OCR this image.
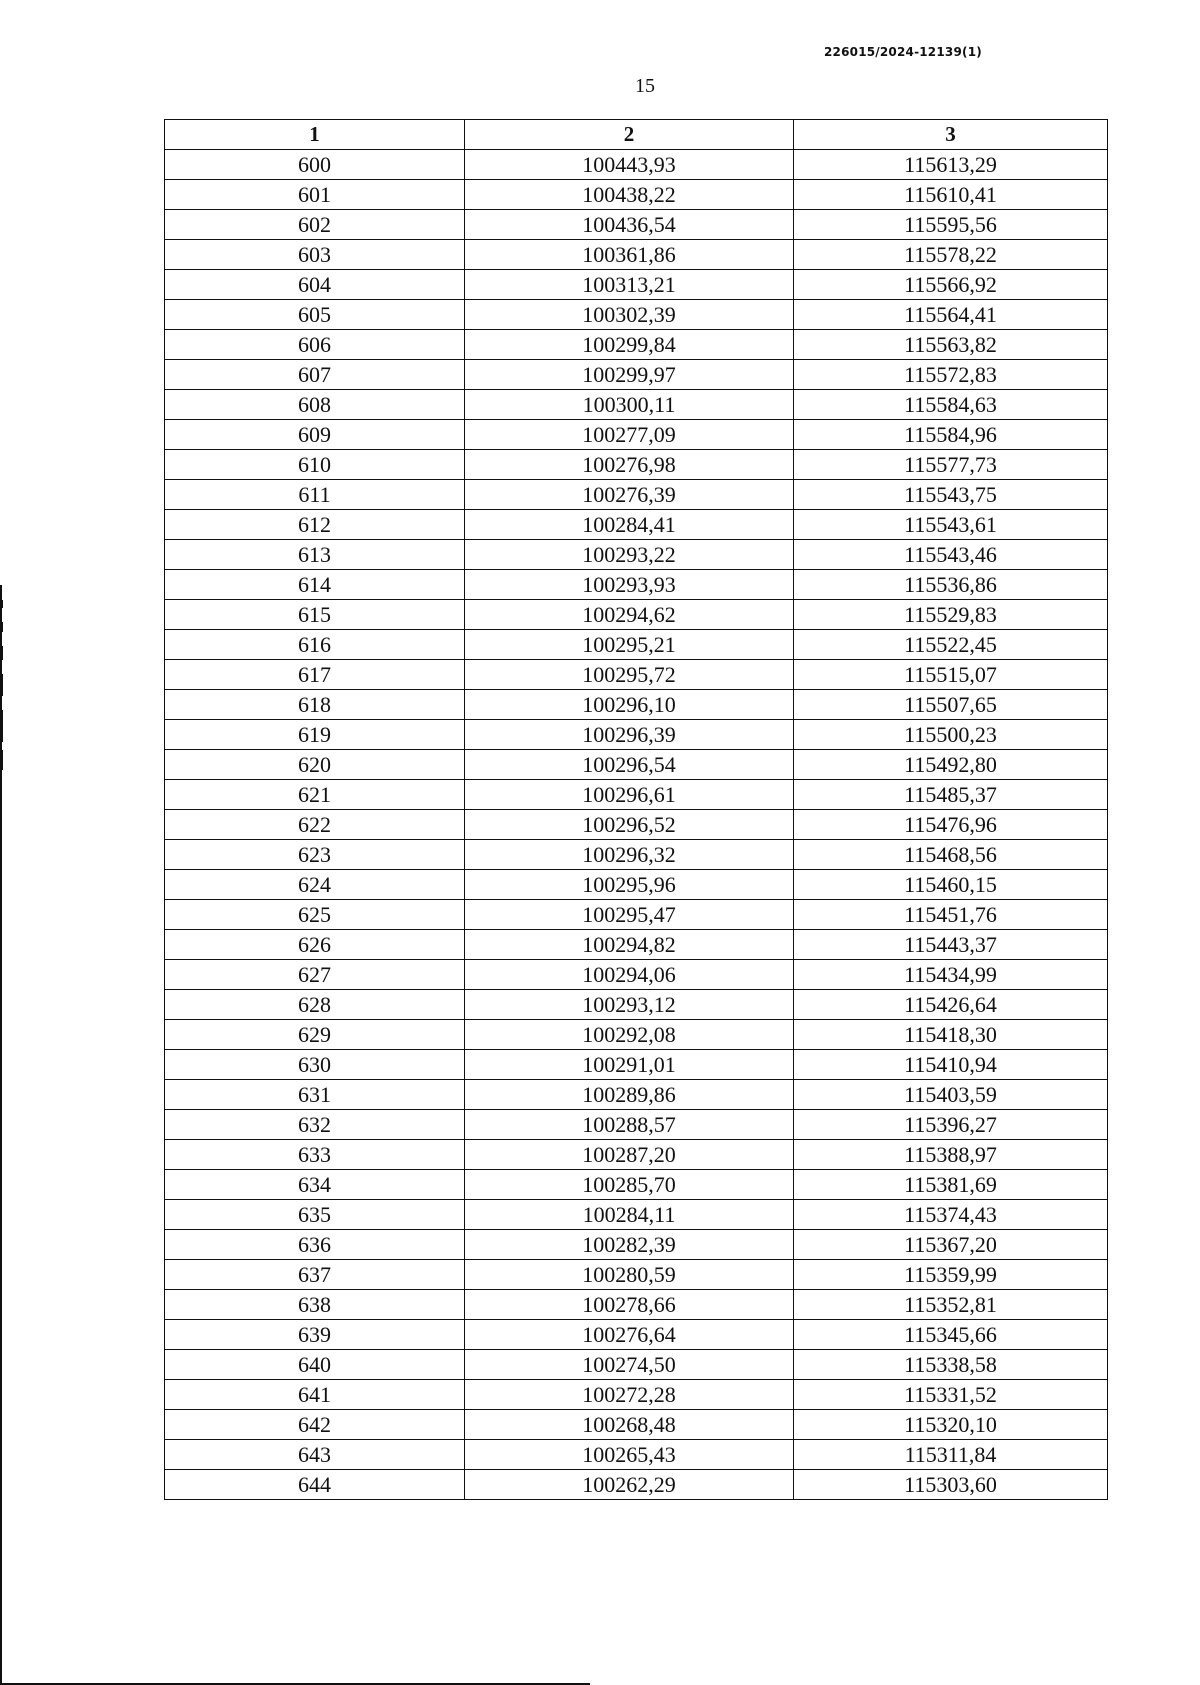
226015/2024-12139(1)
15
1	2	3
600	100443,93	115613,29
601	100438,22	115610,41
602	100436,54	115595,56
603	100361,86	115578,22
604	100313,21	115566,92
605	100302,39	115564,41
606	100299,84	115563,82
607	100299,97	115572,83
608	100300,11	115584,63
609	100277,09	115584,96
610	100276,98	115577,73
611	100276,39	115543,75
612	100284,41	115543,61
613	100293,22	115543,46
614	100293,93	115536,86
615	100294,62	115529,83
616	100295,21	115522,45
617	100295,72	115515,07
618	100296,10	115507,65
619	100296,39	115500,23
620	100296,54	115492,80
621	100296,61	115485,37
622	100296,52	115476,96
623	100296,32	115468,56
624	100295,96	115460,15
625	100295,47	115451,76
626	100294,82	115443,37
627	100294,06	115434,99
628	100293,12	115426,64
629	100292,08	115418,30
630	100291,01	115410,94
631	100289,86	115403,59
632	100288,57	115396,27
633	100287,20	115388,97
634	100285,70	115381,69
635	100284,11	115374,43
636	100282,39	115367,20
637	100280,59	115359,99
638	100278,66	115352,81
639	100276,64	115345,66
640	100274,50	115338,58
641	100272,28	115331,52
642	100268,48	115320,10
643	100265,43	115311,84
644	100262,29	115303,60
